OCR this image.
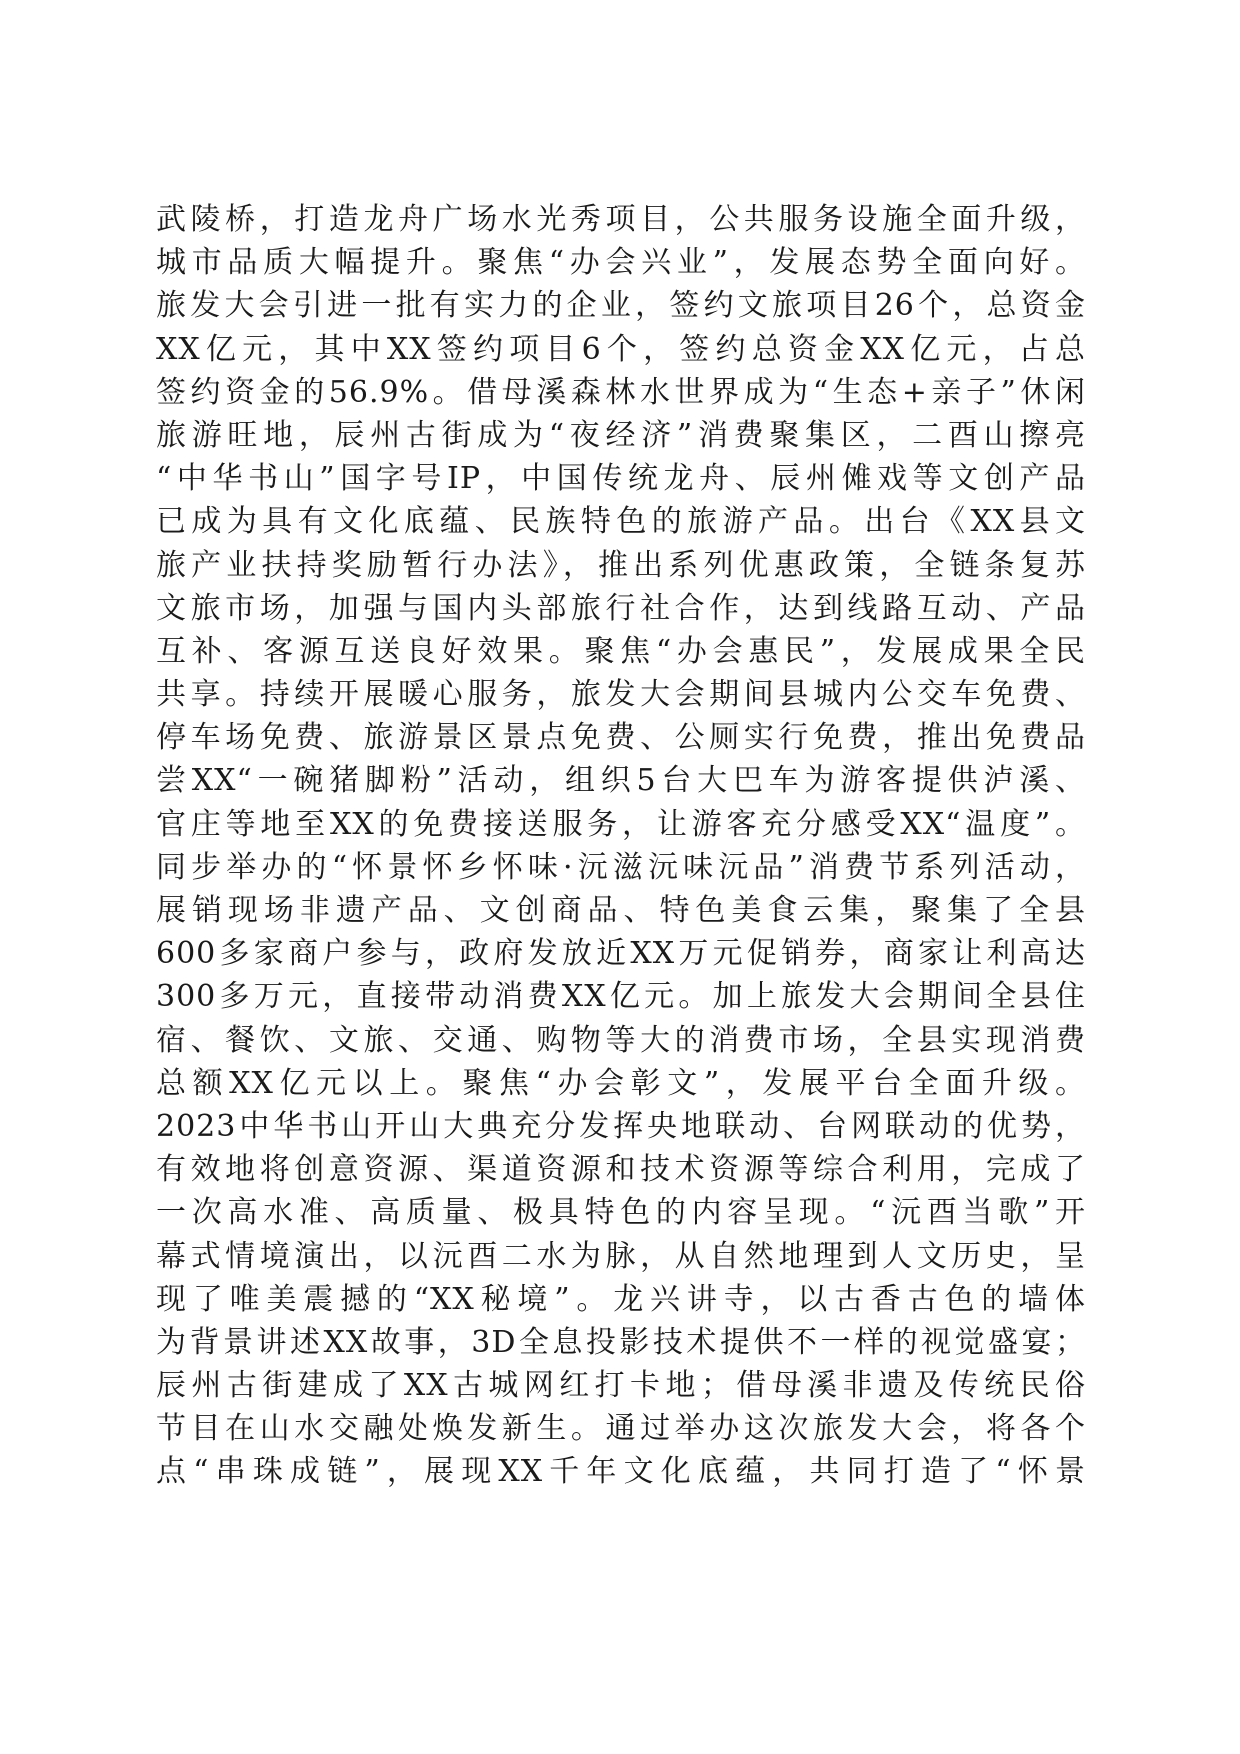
武陵桥，打造龙舟广场水光秀项目，公共服务设施全面升级，
城市品质大幅提升。聚焦“办会兴业”，发展态势全面向好。
旅发大会引进一批有实力的企业，签约文旅项目26个，总资金
XX亿元，其中XX签约项目6个，签约总资金XX亿元，占总
签约资金的56.9%。借母溪森林水世界成为“生态+亲子”休闲
旅游旺地，辰州古街成为“夜经济”消费聚集区，二酉山擦亮
“中华书山”国字号IP，中国传统龙舟、辰州傩戏等文创产品
已成为具有文化底蕴、民族特色的旅游产品。出台《XX县文
旅产业扶持奖励暂行办法》，推出系列优惠政策，全链条复苏
文旅市场，加强与国内头部旅行社合作，达到线路互动、产品
互补、客源互送良好效果。聚焦“办会惠民”，发展成果全民
共享。持续开展暖心服务，旅发大会期间县城内公交车免费、
停车场免费、旅游景区景点免费、公厕实行免费，推出免费品
尝XX“一碗猪脚粉”活动，组织5台大巴车为游客提供泸溪、
官庄等地至XX的免费接送服务，让游客充分感受XX“温度”。
同步举办的“怀景怀乡怀味·沅滋沅味沅品”消费节系列活动，
展销现场非遗产品、文创商品、特色美食云集，聚集了全县
600多家商户参与，政府发放近XX万元促销券，商家让利高达
300多万元，直接带动消费XX亿元。加上旅发大会期间全县住
宿、餐饮、文旅、交通、购物等大的消费市场，全县实现消费
总额XX亿元以上。聚焦“办会彰文”，发展平台全面升级。
2023中华书山开山大典充分发挥央地联动、台网联动的优势，
有效地将创意资源、渠道资源和技术资源等综合利用，完成了
一次高水准、高质量、极具特色的内容呈现。“沅酉当歌”开
幕式情境演出，以沅酉二水为脉，从自然地理到人文历史，呈
现了唯美震撼的“XX秘境”。龙兴讲寺，以古香古色的墙体
为背景讲述XX故事，3D全息投影技术提供不一样的视觉盛宴；
辰州古街建成了XX古城网红打卡地；借母溪非遗及传统民俗
节目在山水交融处焕发新生。通过举办这次旅发大会，将各个
点“串珠成链”，展现XX千年文化底蕴，共同打造了“怀景
